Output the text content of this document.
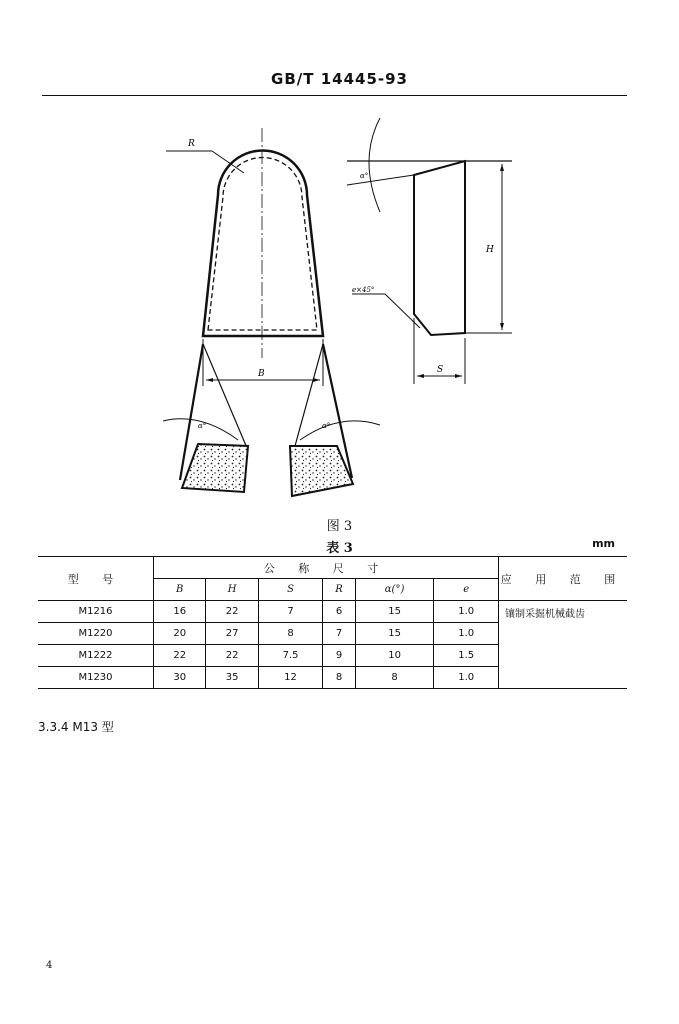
GB/T 14445-93
R
B
α°	α°
α°
H
e×45°
S
图 3
表 3	mm
型 号	公 称 尺 寸						应 用 范 围
	B	H	S	R	α(°)	e	
M1216	16	22	7	6	15	1.0	镶制采掘机械截齿
M1220	20	27	8	7	15	1.0	
M1222	22	22	7.5	9	10	1.5	
M1230	30	35	12	8	8	1.0	
3.3.4 M13 型
4
